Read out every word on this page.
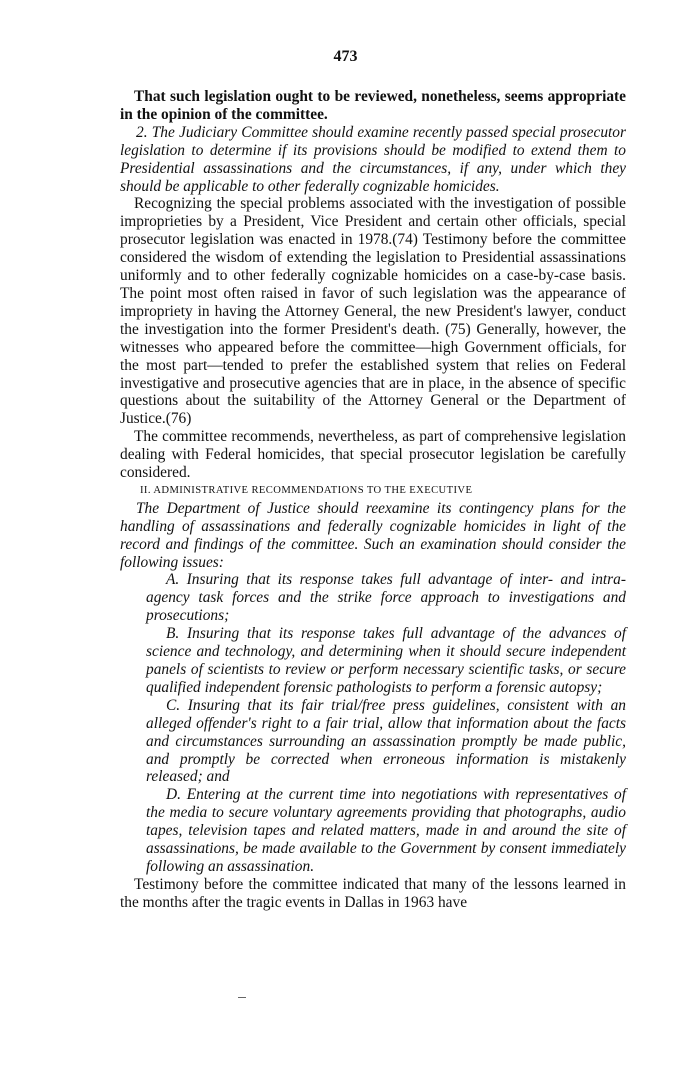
473

That such legislation ought to be reviewed, nonetheless, seems appropriate in the opinion of the committee.

2. The Judiciary Committee should examine recently passed special prosecutor legislation to determine if its provisions should be modified to extend them to Presidential assassinations and the circumstances, if any, under which they should be applicable to other federally cognizable homicides.

Recognizing the special problems associated with the investigation of possible improprieties by a President, Vice President and certain other officials, special prosecutor legislation was enacted in 1978.(74) Testimony before the committee considered the wisdom of extending the legislation to Presidential assassinations uniformly and to other federally cognizable homicides on a case-by-case basis. The point most often raised in favor of such legislation was the appearance of impropriety in having the Attorney General, the new President's lawyer, conduct the investigation into the former President's death. (75) Generally, however, the witnesses who appeared before the committee—high Government officials, for the most part—tended to prefer the established system that relies on Federal investigative and prosecutive agencies that are in place, in the absence of specific questions about the suitability of the Attorney General or the Department of Justice.(76)

The committee recommends, nevertheless, as part of comprehensive legislation dealing with Federal homicides, that special prosecutor legislation be carefully considered.

II. ADMINISTRATIVE RECOMMENDATIONS TO THE EXECUTIVE

The Department of Justice should reexamine its contingency plans for the handling of assassinations and federally cognizable homicides in light of the record and findings of the committee. Such an examination should consider the following issues:

A. Insuring that its response takes full advantage of inter- and intra-agency task forces and the strike force approach to investigations and prosecutions;

B. Insuring that its response takes full advantage of the advances of science and technology, and determining when it should secure independent panels of scientists to review or perform necessary scientific tasks, or secure qualified independent forensic pathologists to perform a forensic autopsy;

C. Insuring that its fair trial/free press guidelines, consistent with an alleged offender's right to a fair trial, allow that information about the facts and circumstances surrounding an assassination promptly be made public, and promptly be corrected when erroneous information is mistakenly released; and

D. Entering at the current time into negotiations with representatives of the media to secure voluntary agreements providing that photographs, audio tapes, television tapes and related matters, made in and around the site of assassinations, be made available to the Government by consent immediately following an assassination.

Testimony before the committee indicated that many of the lessons learned in the months after the tragic events in Dallas in 1963 have
